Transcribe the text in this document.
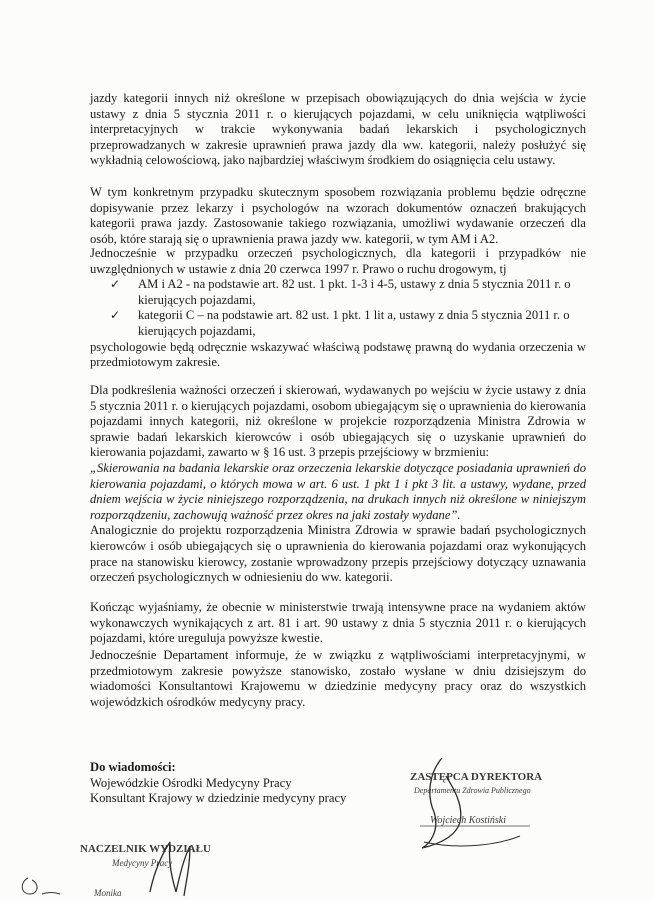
jazdy kategorii innych niż określone w przepisach obowiązujących do dnia wejścia w życie ustawy z dnia 5 stycznia 2011 r. o kierujących pojazdami, w celu uniknięcia wątpliwości interpretacyjnych w trakcie wykonywania badań lekarskich i psychologicznych przeprowadzanych w zakresie uprawnień prawa jazdy dla ww. kategorii, należy posłużyć się wykładnią celowościową, jako najbardziej właściwym środkiem do osiągnięcia celu ustawy.

W tym konkretnym przypadku skutecznym sposobem rozwiązania problemu będzie odręczne dopisywanie przez lekarzy i psychologów na wzorach dokumentów oznaczeń brakujących kategorii prawa jazdy. Zastosowanie takiego rozwiązania, umożliwi wydawanie orzeczeń dla osób, które starają się o uprawnienia prawa jazdy ww. kategorii, w tym AM i A2.

Jednocześnie w przypadku orzeczeń psychologicznych, dla kategorii i przypadków nie uwzględnionych w ustawie z dnia 20 czerwca 1997 r. Prawo o ruchu drogowym, tj

✓	AM i A2 - na podstawie art. 82 ust. 1 pkt. 1-3 i 4-5, ustawy z dnia 5 stycznia 2011 r. o kierujących pojazdami,

✓	kategorii C – na podstawie art. 82 ust. 1 pkt. 1 lit a, ustawy z dnia 5 stycznia 2011 r. o kierujących pojazdami,

psychologowie będą odręcznie wskazywać właściwą podstawę prawną do wydania orzeczenia w przedmiotowym zakresie.

Dla podkreślenia ważności orzeczeń i skierowań, wydawanych po wejściu w życie ustawy z dnia 5 stycznia 2011 r. o kierujących pojazdami, osobom ubiegającym się o uprawnienia do kierowania pojazdami innych kategorii, niż określone w projekcie rozporządzenia Ministra Zdrowia w sprawie badań lekarskich kierowców i osób ubiegających się o uzyskanie uprawnień do kierowania pojazdami, zawarto w § 16 ust. 3 przepis przejściowy w brzmieniu:

„Skierowania na badania lekarskie oraz orzeczenia lekarskie dotyczące posiadania uprawnień do kierowania pojazdami, o których mowa w art. 6 ust. 1 pkt 1 i pkt 3 lit. a ustawy, wydane, przed dniem wejścia w życie niniejszego rozporządzenia, na drukach innych niż określone w niniejszym rozporządzeniu, zachowują ważność przez okres na jaki zostały wydane”.

Analogicznie do projektu rozporządzenia Ministra Zdrowia w sprawie badań psychologicznych kierowców i osób ubiegających się o uprawnienia do kierowania pojazdami oraz wykonujących prace na stanowisku kierowcy, zostanie wprowadzony przepis przejściowy dotyczący uznawania orzeczeń psychologicznych w odniesieniu do ww. kategorii.

Kończąc wyjaśniamy, że obecnie w ministerstwie trwają intensywne prace na wydaniem aktów wykonawczych wynikających z art. 81 i art. 90 ustawy z dnia 5 stycznia 2011 r. o kierujących pojazdami, które ureguluja powyższe kwestie.

Jednocześnie Departament informuje, że w związku z wątpliwościami interpretacyjnymi, w przedmiotowym zakresie powyższe stanowisko, zostało wysłane w dniu dzisiejszym do wiadomości Konsultantowi Krajowemu w dziedzinie medycyny pracy oraz do wszystkich wojewódzkich ośrodków medycyny pracy.

Do wiadomości:
Wojewódzkie Ośrodki Medycyny Pracy
Konsultant Krajowy w dziedzinie medycyny pracy
ZASTĘPCA DYREKTORA
Departamentu Zdrowia Publicznego
Wojciech Kostiński
NACZELNIK WYDZIAŁU
Medycyny Pracy
Monika
